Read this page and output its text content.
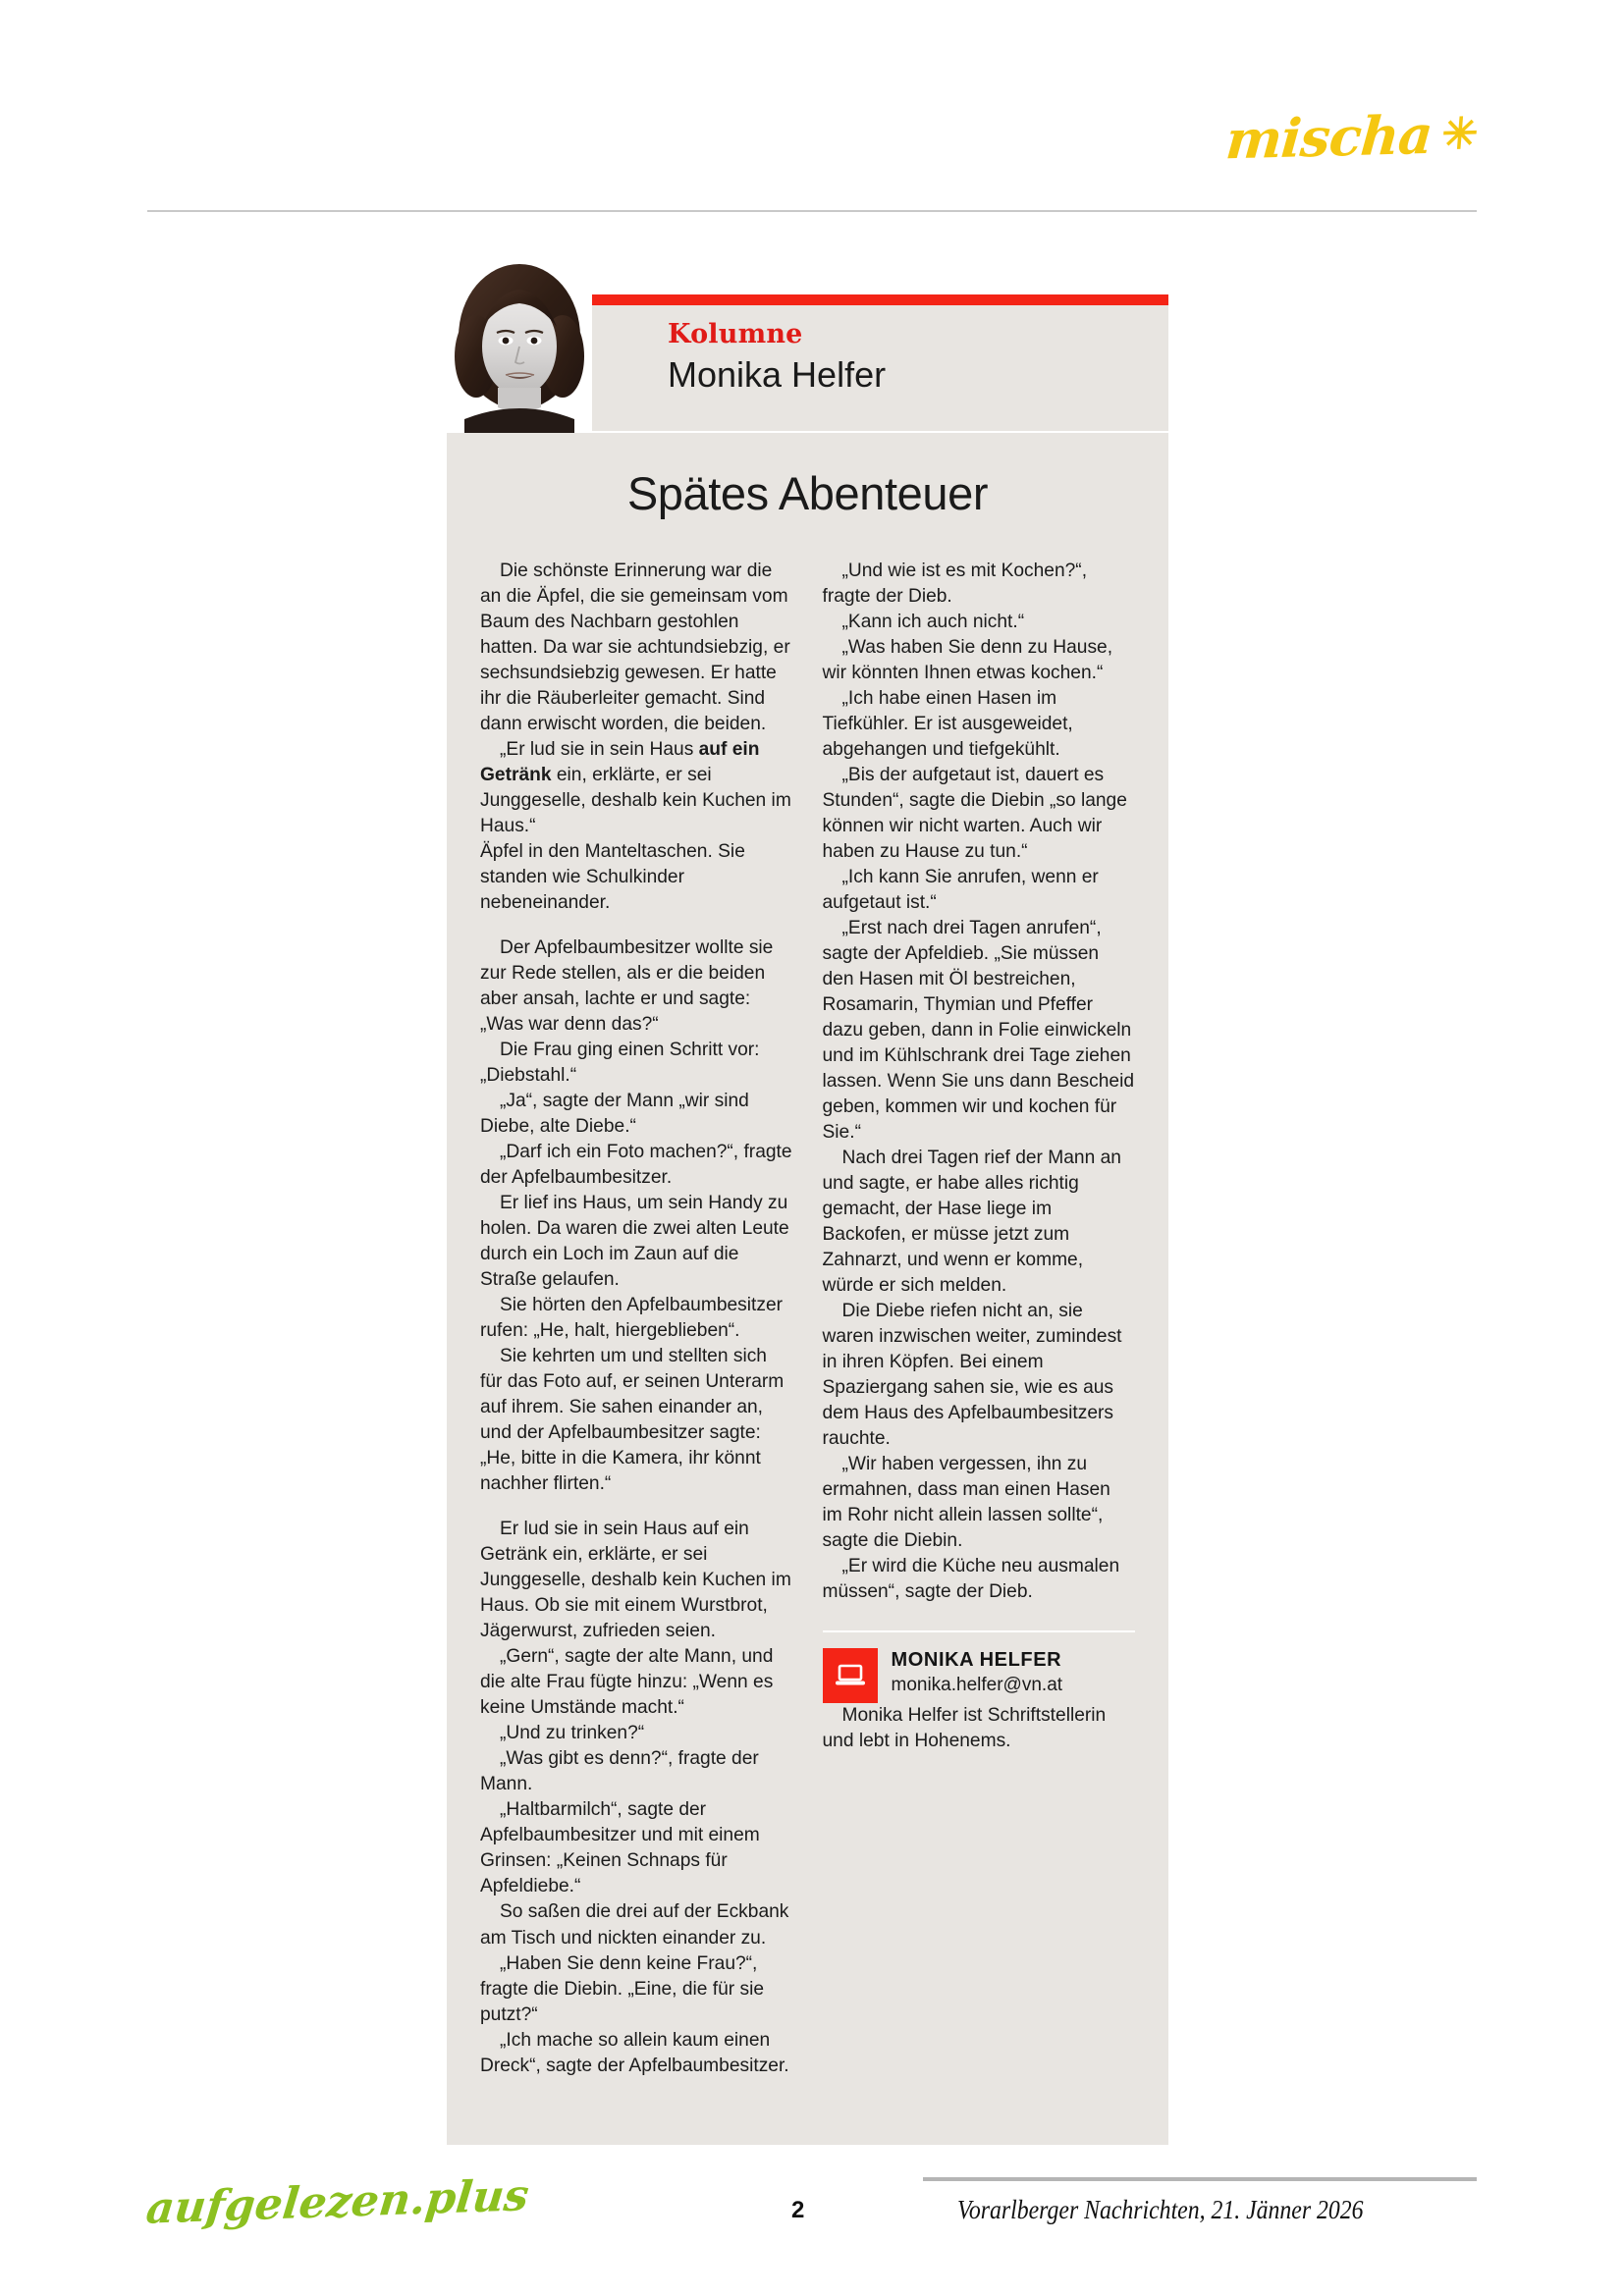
mischa ✳
Kolumne
Monika Helfer
Spätes Abenteuer

Die schönste Erinnerung war die an die Äpfel, die sie gemeinsam vom Baum des Nachbarn gestohlen hatten. Da war sie achtundsiebzig, er sechsundsiebzig gewesen. Er hatte ihr die Räuberleiter gemacht. Sind dann erwischt worden, die beiden.

„Er lud sie in sein Haus auf ein Getränk ein, erklärte, er sei Junggeselle, deshalb kein Kuchen im Haus.“

Äpfel in den Manteltaschen. Sie standen wie Schulkinder nebeneinander.

Der Apfelbaumbesitzer wollte sie zur Rede stellen, als er die beiden aber ansah, lachte er und sagte: „Was war denn das?“

Die Frau ging einen Schritt vor: „Diebstahl.“

„Ja“, sagte der Mann „wir sind Diebe, alte Diebe.“

„Darf ich ein Foto machen?“, fragte der Apfelbaumbesitzer.

Er lief ins Haus, um sein Handy zu holen. Da waren die zwei alten Leute durch ein Loch im Zaun auf die Straße gelaufen.

Sie hörten den Apfelbaumbesitzer rufen: „He, halt, hiergeblieben“.

Sie kehrten um und stellten sich für das Foto auf, er seinen Unterarm auf ihrem. Sie sahen einander an, und der Apfelbaumbesitzer sagte: „He, bitte in die Kamera, ihr könnt nachher flirten.“

Er lud sie in sein Haus auf ein Getränk ein, erklärte, er sei Junggeselle, deshalb kein Kuchen im Haus. Ob sie mit einem Wurstbrot, Jägerwurst, zufrieden seien.

„Gern“, sagte der alte Mann, und die alte Frau fügte hinzu: „Wenn es keine Umstände macht.“

„Und zu trinken?“

„Was gibt es denn?“, fragte der Mann.

„Haltbarmilch“, sagte der Apfelbaumbesitzer und mit einem Grinsen: „Keinen Schnaps für Apfeldiebe.“

So saßen die drei auf der Eckbank am Tisch und nickten einander zu.

„Haben Sie denn keine Frau?“, fragte die Diebin. „Eine, die für sie putzt?“

„Ich mache so allein kaum einen Dreck“, sagte der Apfelbaumbesitzer.

„Und wie ist es mit Kochen?“, fragte der Dieb.

„Kann ich auch nicht.“

„Was haben Sie denn zu Hause, wir könnten Ihnen etwas kochen.“

„Ich habe einen Hasen im Tiefkühler. Er ist ausgeweidet, abgehangen und tiefgekühlt.

„Bis der aufgetaut ist, dauert es Stunden“, sagte die Diebin „so lange können wir nicht warten. Auch wir haben zu Hause zu tun.“

„Ich kann Sie anrufen, wenn er aufgetaut ist.“

„Erst nach drei Tagen anrufen“, sagte der Apfeldieb. „Sie müssen den Hasen mit Öl bestreichen, Rosamarin, Thymian und Pfeffer dazu geben, dann in Folie einwickeln und im Kühlschrank drei Tage ziehen lassen. Wenn Sie uns dann Bescheid geben, kommen wir und kochen für Sie.“

Nach drei Tagen rief der Mann an und sagte, er habe alles richtig gemacht, der Hase liege im Backofen, er müsse jetzt zum Zahnarzt, und wenn er komme, würde er sich melden.

Die Diebe riefen nicht an, sie waren inzwischen weiter, zumindest in ihren Köpfen. Bei einem Spaziergang sahen sie, wie es aus dem Haus des Apfelbaumbesitzers rauchte.

„Wir haben vergessen, ihn zu ermahnen, dass man einen Hasen im Rohr nicht allein lassen sollte“, sagte die Diebin.

„Er wird die Küche neu ausmalen müssen“, sagte der Dieb.

MONIKA HELFER
monika.helfer@vn.at

Monika Helfer ist Schriftstellerin und lebt in Hohenems.

aufgelezen.plus	2	Vorarlberger Nachrichten, 21. Jänner 2026
